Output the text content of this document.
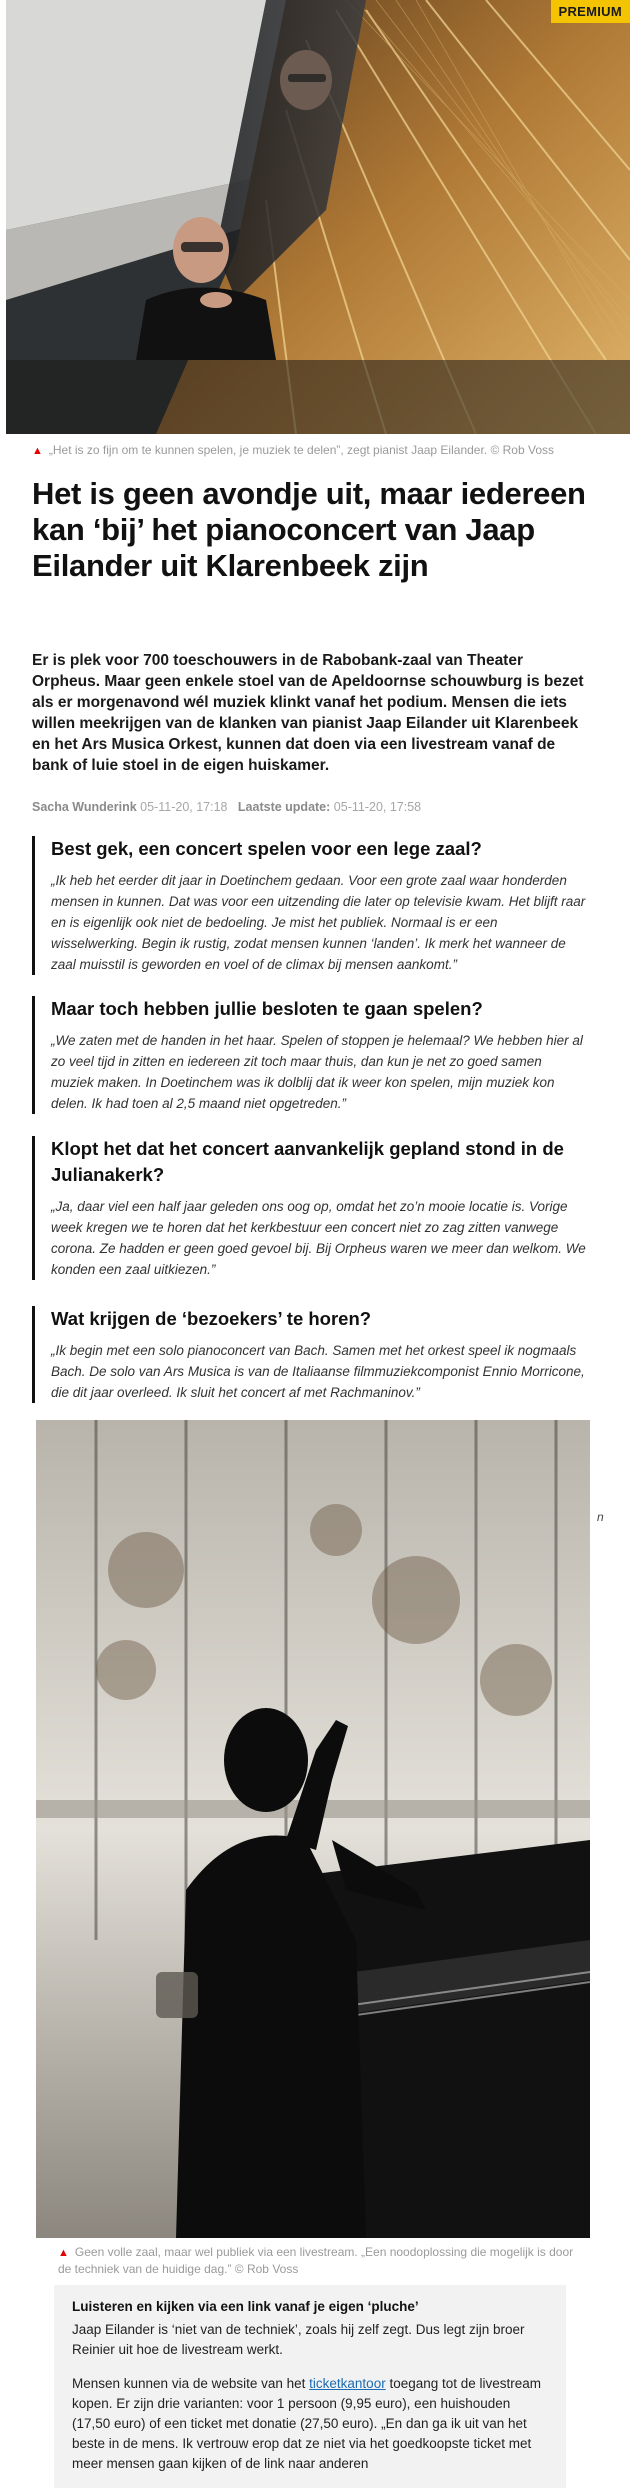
PREMIUM
▲ „Het is zo fijn om te kunnen spelen, je muziek te delen”, zegt pianist Jaap Eilander. © Rob Voss
Het is geen avondje uit, maar iedereen kan ‘bij’ het pianoconcert van Jaap Eilander uit Klarenbeek zijn

Er is plek voor 700 toeschouwers in de Rabobank-zaal van Theater Orpheus. Maar geen enkele stoel van de Apeldoornse schouwburg is bezet als er morgenavond wél muziek klinkt vanaf het podium. Mensen die iets willen meekrijgen van de klanken van pianist Jaap Eilander uit Klarenbeek en het Ars Musica Orkest, kunnen dat doen via een livestream vanaf de bank of luie stoel in de eigen huiskamer.

Sacha Wunderink 05-11-20, 17:18 Laatste update: 05-11-20, 17:58
Best gek, een concert spelen voor een lege zaal?

„Ik heb het eerder dit jaar in Doetinchem gedaan. Voor een grote zaal waar honderden mensen in kunnen. Dat was voor een uitzending die later op televisie kwam. Het blijft raar en is eigenlijk ook niet de bedoeling. Je mist het publiek. Normaal is er een wisselwerking. Begin ik rustig, zodat mensen kunnen ‘landen’. Ik merk het wanneer de zaal muisstil is geworden en voel of de climax bij mensen aankomt.”

Maar toch hebben jullie besloten te gaan spelen?

„We zaten met de handen in het haar. Spelen of stoppen je helemaal? We hebben hier al zo veel tijd in zitten en iedereen zit toch maar thuis, dan kun je net zo goed samen muziek maken. In Doetinchem was ik dolblij dat ik weer kon spelen, mijn muziek kon delen. Ik had toen al 2,5 maand niet opgetreden.”

Klopt het dat het concert aanvankelijk gepland stond in de Julianakerk?

„Ja, daar viel een half jaar geleden ons oog op, omdat het zo’n mooie locatie is. Vorige week kregen we te horen dat het kerkbestuur een concert niet zo zag zitten vanwege corona. Ze hadden er geen goed gevoel bij. Bij Orpheus waren we meer dan welkom. We konden een zaal uitkiezen.”

Wat krijgen de ‘bezoekers’ te horen?

„Ik begin met een solo pianoconcert van Bach. Samen met het orkest speel ik nogmaals Bach. De solo van Ars Musica is van de Italiaanse filmmuziekcomponist Ennio Morricone, die dit jaar overleed. Ik sluit het concert af met Rachmaninov.”

n
▲ Geen volle zaal, maar wel publiek via een livestream. „Een noodoplossing die mogelijk is door de techniek van de huidige dag.” © Rob Voss
Luisteren en kijken via een link vanaf je eigen ‘pluche’

Jaap Eilander is ‘niet van de techniek’, zoals hij zelf zegt. Dus legt zijn broer Reinier uit hoe de livestream werkt.

Mensen kunnen via de website van het ticketkantoor toegang tot de livestream kopen. Er zijn drie varianten: voor 1 persoon (9,95 euro), een huishouden (17,50 euro) of een ticket met donatie (27,50 euro). „En dan ga ik uit van het beste in de mens. Ik vertrouw erop dat ze niet via het goedkoopste ticket met meer mensen gaan kijken of de link naar anderen
